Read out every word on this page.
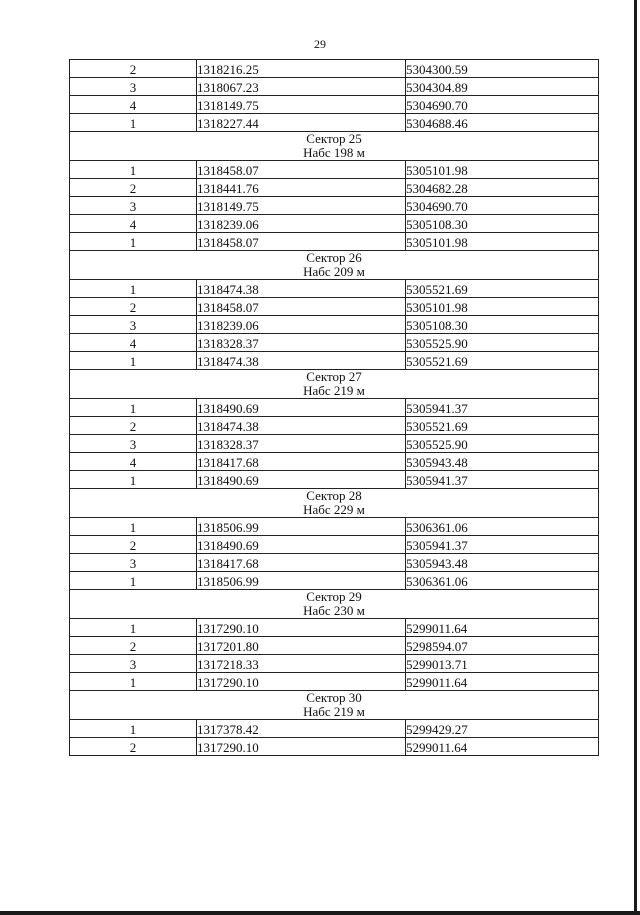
29
2	1318216.25	5304300.59
3	1318067.23	5304304.89
4	1318149.75	5304690.70
1	1318227.44	5304688.46

Сектор 25
Набс 198 м		

1	1318458.07	5305101.98
2	1318441.76	5304682.28
3	1318149.75	5304690.70
4	1318239.06	5305108.30
1	1318458.07	5305101.98

Сектор 26
Набс 209 м		

1	1318474.38	5305521.69
2	1318458.07	5305101.98
3	1318239.06	5305108.30
4	1318328.37	5305525.90
1	1318474.38	5305521.69

Сектор 27
Набс 219 м		

1	1318490.69	5305941.37
2	1318474.38	5305521.69
3	1318328.37	5305525.90
4	1318417.68	5305943.48
1	1318490.69	5305941.37

Сектор 28
Набс 229 м		

1	1318506.99	5306361.06
2	1318490.69	5305941.37
3	1318417.68	5305943.48
1	1318506.99	5306361.06

Сектор 29
Набс 230 м		

1	1317290.10	5299011.64
2	1317201.80	5298594.07
3	1317218.33	5299013.71
1	1317290.10	5299011.64

Сектор 30
Набс 219 м		

1	1317378.42	5299429.27
2	1317290.10	5299011.64
